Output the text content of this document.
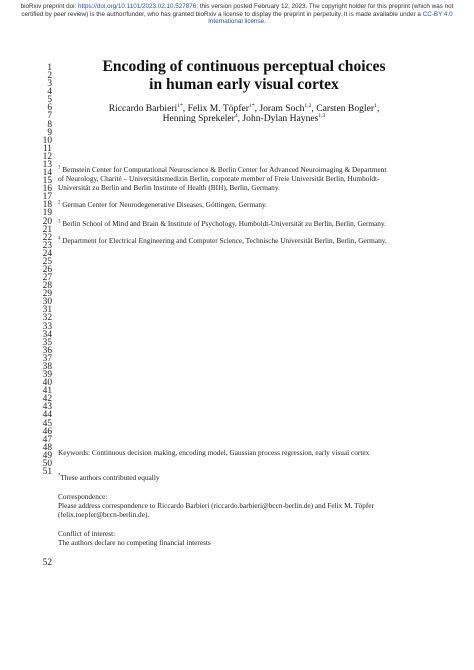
bioRxiv preprint doi: https://doi.org/10.1101/2023.02.10.527876; this version posted February 12, 2023. The copyright holder for this preprint (which was not certified by peer review) is the author/funder, who has granted bioRxiv a license to display the preprint in perpetuity. It is made available under a CC-BY 4.0 International license.
1
2
3
4
5
6
7
8
9
10
11
12
13
14
15
16
17
18
19
20
21
22
23
24
25
26
27
28
29
30
31
32
33
34
35
36
37
38
39
40
41
42
43
44
45
46
47
48
49
50
51
52
Encoding of continuous perceptual choices
in human early visual cortex
Riccardo Barbieri$^{1*}$, Felix M. Töpfer$^{1*}$, Joram Soch$^{1,2}$, Carsten Bogler$^1$,
Henning Sprekeler$^4$, John-Dylan Haynes$^{1,3}$
$^1$ Bernstein Center for Computational Neuroscience & Berlin Center for Advanced Neuroimaging & Department
of Neurology, Charité – Universitätsmedizin Berlin, corporate member of Freie Universität Berlin, Humboldt-
Universität zu Berlin and Berlin Institute of Health (BIH), Berlin, Germany.
$^2$ German Center for Neurodegenerative Diseases, Göttingen, Germany.
$^3$ Berlin School of Mind and Brain & Institute of Psychology, Humboldt-Universität zu Berlin, Berlin, Germany.
$^4$ Department for Electrical Engineering and Computer Science, Technische Universität Berlin, Berlin, Germany.
Keywords: Continuous decision making, encoding model, Gaussian process regression, early visual cortex
*These authors contributed equally
Correspondence:
Please address correspondence to Riccardo Barbieri (riccardo.barbieri@bccn-berlin.de) and Felix M. Töpfer
(felix.toepfer@bccn-berlin.de).
Conflict of interest:
The authors declare no competing financial interests
